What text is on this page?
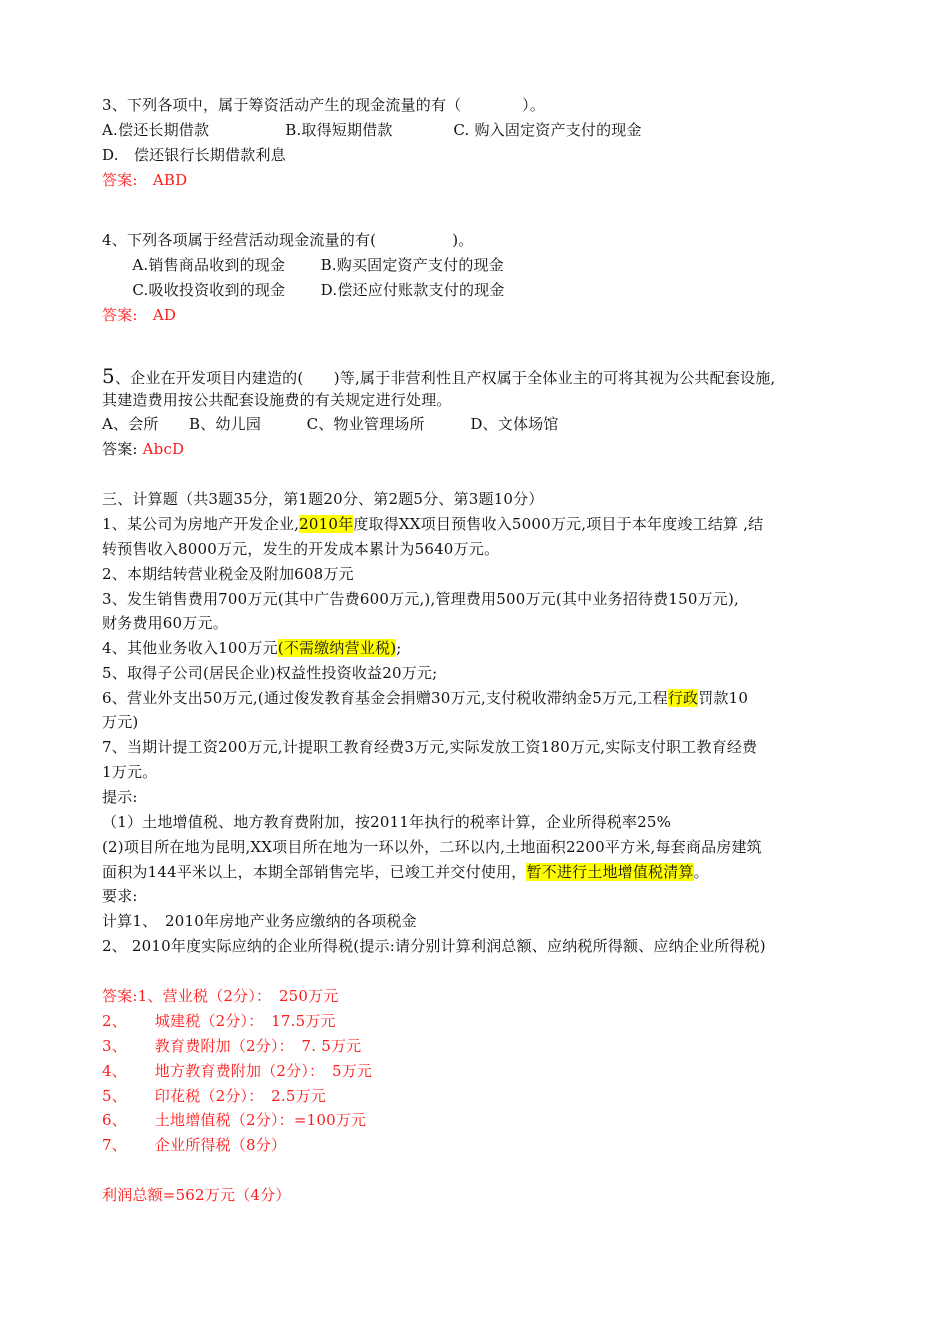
3、下列各项中，属于筹资活动产生的现金流量的有（　　　　）。
A.偿还长期借款　　　　　B.取得短期借款　　　　C. 购入固定资产支付的现金
D.　偿还银行长期借款利息
答案:　ABD
4、下列各项属于经营活动现金流量的有(　　　　　)。
　　A.销售商品收到的现金　　 B.购买固定资产支付的现金
　　C.吸收投资收到的现金　　 D.偿还应付账款支付的现金
答案:　AD
5、企业在开发项目内建造的(　　)等,属于非营利性且产权属于全体业主的可将其视为公共配套设施,
其建造费用按公共配套设施费的有关规定进行处理。
A、会所　　B、幼儿园　　　C、物业管理场所　　　D、文体场馆
答案: AbcD
三、计算题（共3题35分，第1题20分、第2题5分、第3题10分）
1、某公司为房地产开发企业,2010年度取得XX项目预售收入5000万元,项目于本年度竣工结算 ,结
转预售收入8000万元，发生的开发成本累计为5640万元。
2、本期结转营业税金及附加608万元
3、发生销售费用700万元(其中广告费600万元,),管理费用500万元(其中业务招待费150万元),
财务费用60万元。
4、其他业务收入100万元(不需缴纳营业税);
5、取得子公司(居民企业)权益性投资收益20万元;
6、营业外支出50万元,(通过俊发教育基金会捐赠30万元,支付税收滞纳金5万元,工程行政罚款10
万元)
7、当期计提工资200万元,计提职工教育经费3万元,实际发放工资180万元,实际支付职工教育经费
1万元。
提示:
（1）土地增值税、地方教育费附加，按2011年执行的税率计算，企业所得税率25%
(2)项目所在地为昆明,XX项目所在地为一环以外，二环以内,土地面积2200平方米,每套商品房建筑
面积为144平米以上，本期全部销售完毕，已竣工并交付使用，暂不进行土地增值税清算。
要求:
计算1、　2010年房地产业务应缴纳的各项税金
2、 2010年度实际应纳的企业所得税(提示:请分别计算利润总额、应纳税所得额、应纳企业所得税)
答案:1、营业税（2分）：　250万元
2、　　 城建税（2分）：　17.5万元
3、　　 教育费附加（2分）：　7. 5万元
4、　　 地方教育费附加（2分）：　5万元
5、　　 印花税（2分）：　2.5万元
6、　　 土地增值税（2分）：=100万元
7、　　 企业所得税（8分）
利润总额=562万元（4分）
